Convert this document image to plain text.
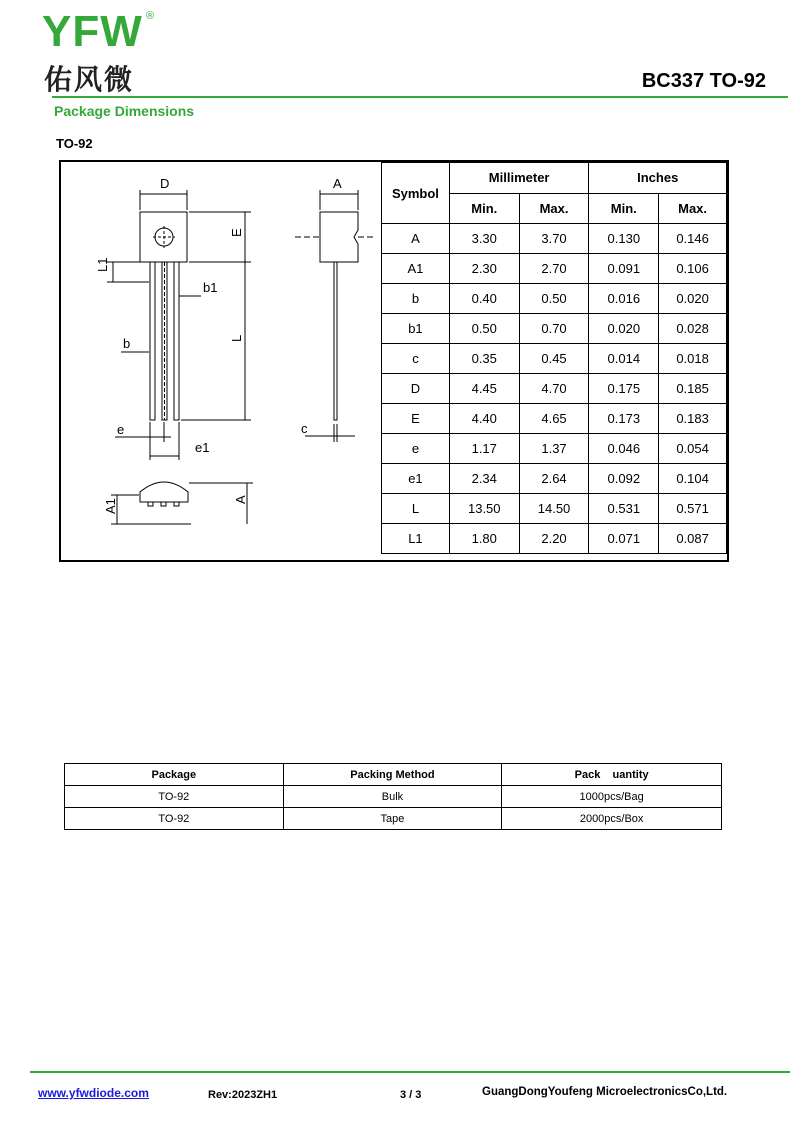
YFW ®
佑风微	BC337 TO-92
Package Dimensions
TO-92
D	A
E
L1
b1
b	L
e
e1
c
A1	A
Symbol	Millimeter		Inches	
	Min.	Max.	Min.	Max.
A	3.30	3.70	0.130	0.146
A1	2.30	2.70	0.091	0.106
b	0.40	0.50	0.016	0.020
b1	0.50	0.70	0.020	0.028
c	0.35	0.45	0.014	0.018
D	4.45	4.70	0.175	0.185
E	4.40	4.65	0.173	0.183
e	1.17	1.37	0.046	0.054
e1	2.34	2.64	0.092	0.104
L	13.50	14.50	0.531	0.571
L1	1.80	2.20	0.071	0.087
Package	Packing Method	Pack    uantity
TO-92	Bulk	1000pcs/Bag
TO-92	Tape	2000pcs/Box
www.yfwdiode.com	Rev:2023ZH1	3 / 3	GuangDongYoufeng MicroelectronicsCo,Ltd.
